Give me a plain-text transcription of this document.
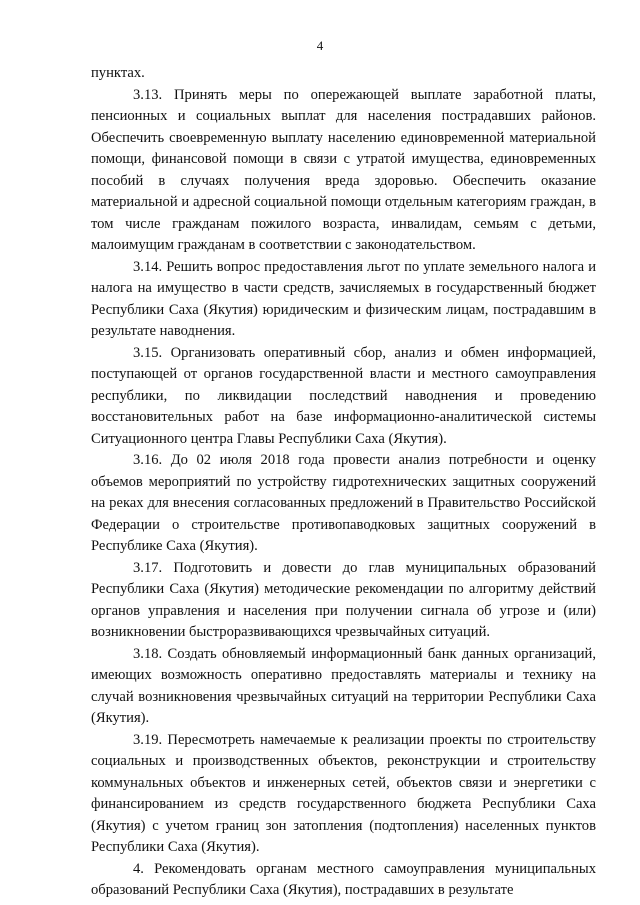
4

пунктах.

3.13. Принять меры по опережающей выплате заработной платы, пенсионных и социальных выплат для населения пострадавших районов. Обеспечить своевременную выплату населению единовременной материальной помощи, финансовой помощи в связи с утратой имущества, единовременных пособий в случаях получения вреда здоровью. Обеспечить оказание материальной и адресной социальной помощи отдельным категориям граждан, в том числе гражданам пожилого возраста, инвалидам, семьям с детьми, малоимущим гражданам в соответствии с законодательством.

3.14. Решить вопрос предоставления льгот по уплате земельного налога и налога на имущество в части средств, зачисляемых в государственный бюджет Республики Саха (Якутия) юридическим и физическим лицам, пострадавшим в результате наводнения.

3.15. Организовать оперативный сбор, анализ и обмен информацией, поступающей от органов государственной власти и местного самоуправления республики, по ликвидации последствий наводнения и проведению восстановительных работ на базе информационно-аналитической системы Ситуационного центра Главы Республики Саха (Якутия).

3.16. До 02 июля 2018 года провести анализ потребности и оценку объемов мероприятий по устройству гидротехнических защитных сооружений на реках для внесения согласованных предложений в Правительство Российской Федерации о строительстве противопаводковых защитных сооружений в Республике Саха (Якутия).

3.17. Подготовить и довести до глав муниципальных образований Республики Саха (Якутия) методические рекомендации по алгоритму действий органов управления и населения при получении сигнала об угрозе и (или) возникновении быстроразвивающихся чрезвычайных ситуаций.

3.18. Создать обновляемый информационный банк данных организаций, имеющих возможность оперативно предоставлять материалы и технику на случай возникновения чрезвычайных ситуаций на территории Республики Саха (Якутия).

3.19. Пересмотреть намечаемые к реализации проекты по строительству социальных и производственных объектов, реконструкции и строительству коммунальных объектов и инженерных сетей, объектов связи и энергетики с финансированием из средств государственного бюджета Республики Саха (Якутия) с учетом границ зон затопления (подтопления) населенных пунктов Республики Саха (Якутия).

4. Рекомендовать органам местного самоуправления муниципальных образований Республики Саха (Якутия), пострадавших в результате
